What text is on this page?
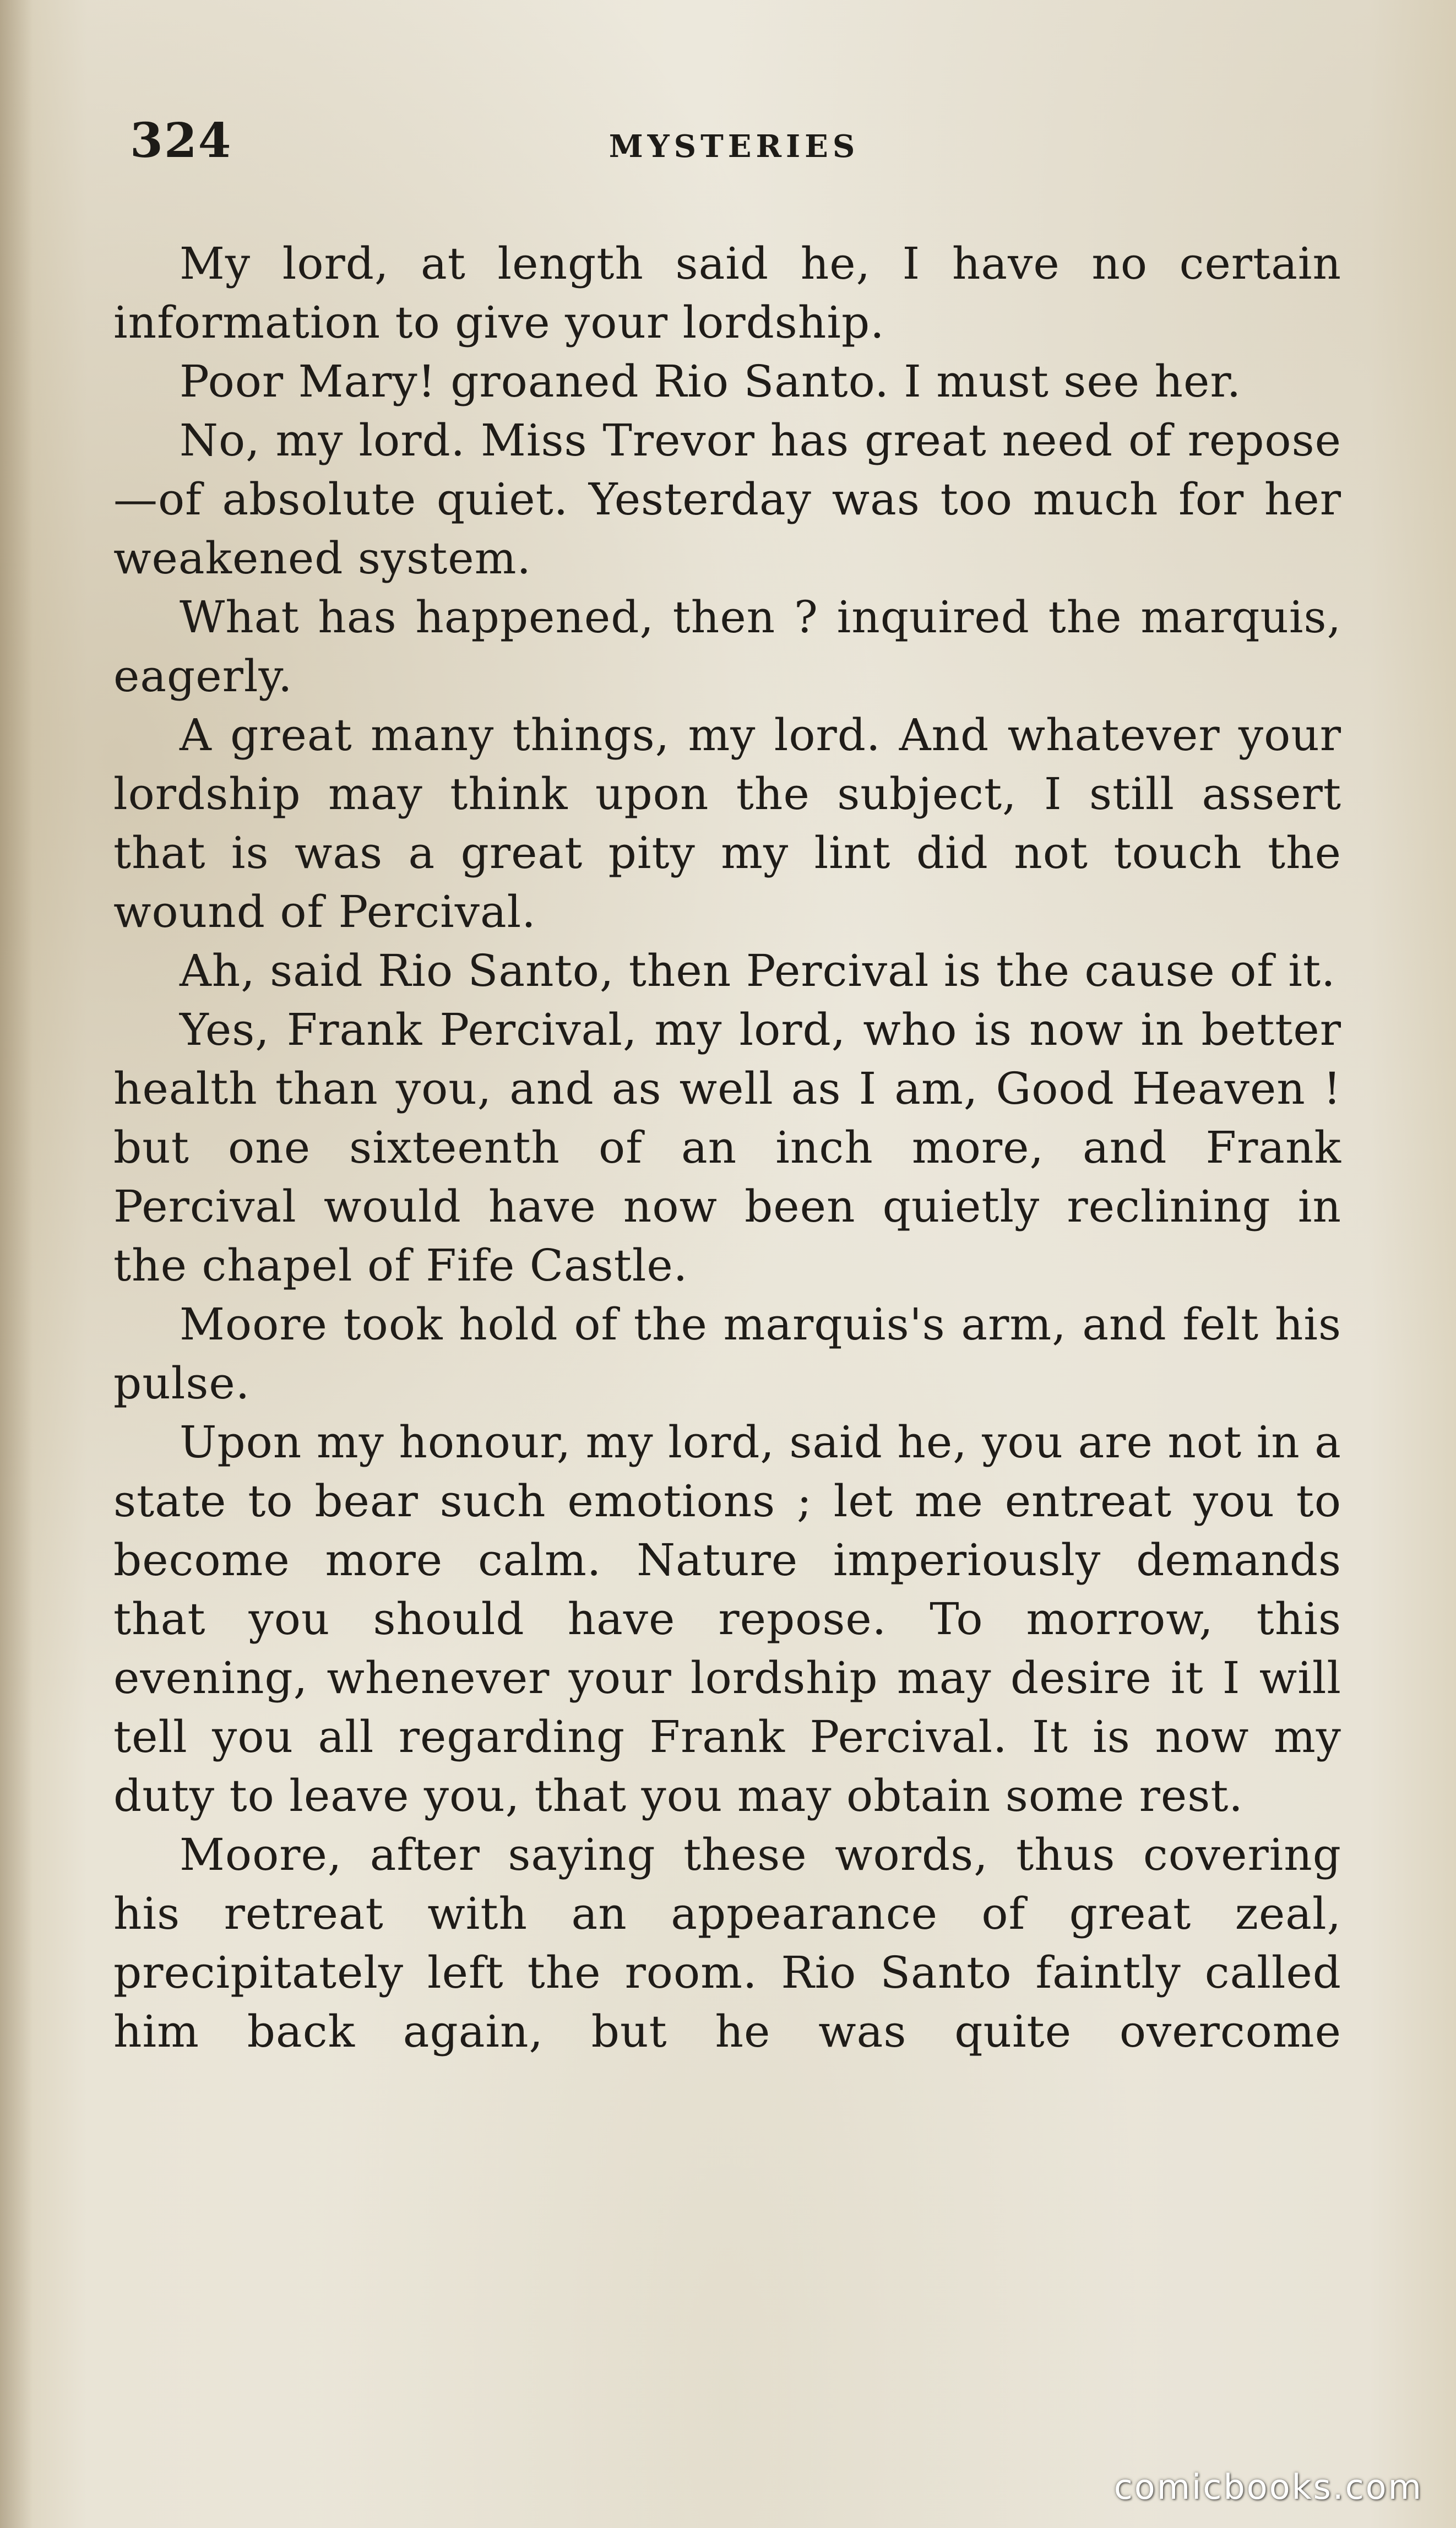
324	MYSTERIES

My lord, at length said he, I have no certain information to give your lordship.

Poor Mary! groaned Rio Santo. I must see her.

No, my lord. Miss Trevor has great need of repose—of absolute quiet. Yesterday was too much for her weakened system.

What has happened, then ? inquired the marquis, eagerly.

A great many things, my lord. And whatever your lordship may think upon the subject, I still assert that is was a great pity my lint did not touch the wound of Percival.

Ah, said Rio Santo, then Percival is the cause of it.

Yes, Frank Percival, my lord, who is now in better health than you, and as well as I am, Good Heaven ! but one sixteenth of an inch more, and Frank Percival would have now been quietly reclining in the chapel of Fife Castle.

Moore took hold of the marquis's arm, and felt his pulse.

Upon my honour, my lord, said he, you are not in a state to bear such emotions ; let me entreat you to become more calm. Nature imperiously demands that you should have repose. To morrow, this evening, whenever your lordship may desire it I will tell you all regarding Frank Percival. It is now my duty to leave you, that you may obtain some rest.

Moore, after saying these words, thus covering his retreat with an appearance of great zeal, precipitately left the room. Rio Santo faintly called him back again, but he was quite overcome

comicbooks.com
